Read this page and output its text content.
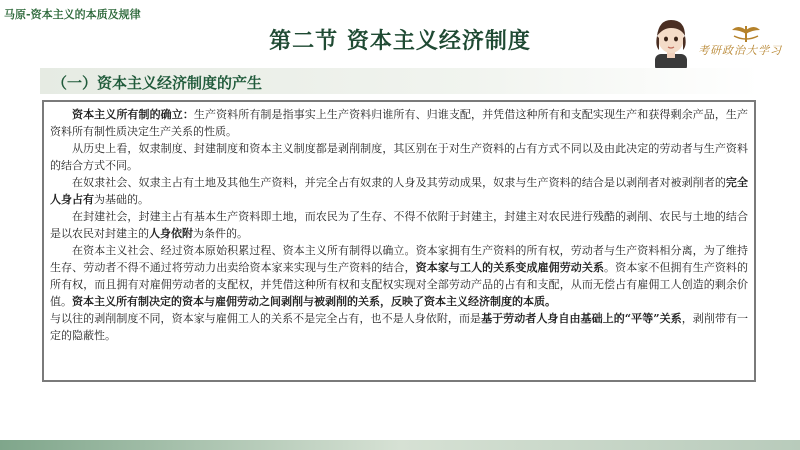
马原-资本主义的本质及规律
第二节 资本主义经济制度	考研政治大学习
（一）资本主义经济制度的产生

资本主义所有制的确立：生产资料所有制是指事实上生产资料归谁所有、归谁支配，并凭借这种所有和支配实现生产和获得剩余产品，生产资料所有制性质决定生产关系的性质。

从历史上看，奴隶制度、封建制度和资本主义制度都是剥削制度，其区别在于对生产资料的占有方式不同以及由此决定的劳动者与生产资料的结合方式不同。

在奴隶社会、奴隶主占有土地及其他生产资料，并完全占有奴隶的人身及其劳动成果，奴隶与生产资料的结合是以剥削者对被剥削者的完全人身占有为基础的。

在封建社会，封建主占有基本生产资料即土地，而农民为了生存、不得不依附于封建主，封建主对农民进行残酷的剥削、农民与土地的结合是以农民对封建主的人身依附为条件的。

在资本主义社会、经过资本原始积累过程、资本主义所有制得以确立。资本家拥有生产资料的所有权，劳动者与生产资料相分离，为了维持生存、劳动者不得不通过将劳动力出卖给资本家来实现与生产资料的结合，资本家与工人的关系变成雇佣劳动关系。资本家不但拥有生产资料的所有权，而且拥有对雇佣劳动者的支配权，并凭借这种所有权和支配权实现对全部劳动产品的占有和支配，从而无偿占有雇佣工人创造的剩余价值。资本主义所有制决定的资本与雇佣劳动之间剥削与被剥削的关系，反映了资本主义经济制度的本质。

与以往的剥削制度不同，资本家与雇佣工人的关系不是完全占有，也不是人身依附，而是基于劳动者人身自由基础上的“平等”关系，剥削带有一定的隐蔽性。
